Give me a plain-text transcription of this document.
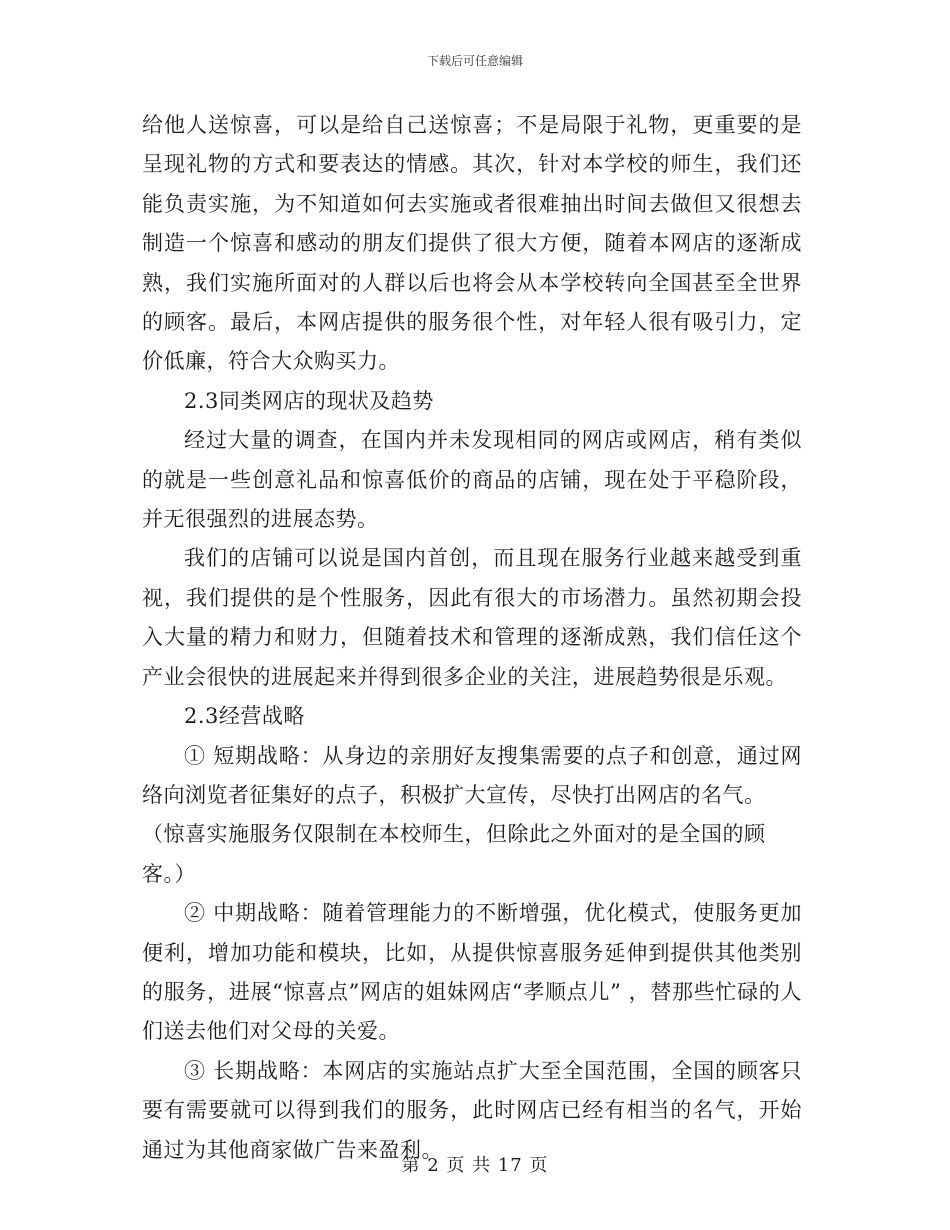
下载后可任意编辑

给他人送惊喜，可以是给自己送惊喜；不是局限于礼物，更重要的是呈现礼物的方式和要表达的情感。其次，针对本学校的师生，我们还能负责实施，为不知道如何去实施或者很难抽出时间去做但又很想去制造一个惊喜和感动的朋友们提供了很大方便，随着本网店的逐渐成熟，我们实施所面对的人群以后也将会从本学校转向全国甚至全世界的顾客。最后，本网店提供的服务很个性，对年轻人很有吸引力，定价低廉，符合大众购买力。

2.3同类网店的现状及趋势

经过大量的调查，在国内并未发现相同的网店或网店，稍有类似的就是一些创意礼品和惊喜低价的商品的店铺，现在处于平稳阶段，并无很强烈的进展态势。

我们的店铺可以说是国内首创，而且现在服务行业越来越受到重视，我们提供的是个性服务，因此有很大的市场潜力。虽然初期会投入大量的精力和财力，但随着技术和管理的逐渐成熟，我们信任这个产业会很快的进展起来并得到很多企业的关注，进展趋势很是乐观。

2.3经营战略

① 短期战略：从身边的亲朋好友搜集需要的点子和创意，通过网络向浏览者征集好的点子，积极扩大宣传，尽快打出网店的名气。

（惊喜实施服务仅限制在本校师生，但除此之外面对的是全国的顾客。）

② 中期战略：随着管理能力的不断增强，优化模式，使服务更加便利，增加功能和模块，比如，从提供惊喜服务延伸到提供其他类别的服务，进展“惊喜点”网店的姐妹网店“孝顺点儿” ，替那些忙碌的人们送去他们对父母的关爱。

③ 长期战略：本网店的实施站点扩大至全国范围，全国的顾客只要有需要就可以得到我们的服务，此时网店已经有相当的名气，开始通过为其他商家做广告来盈利。

第 2 页 共 17 页
